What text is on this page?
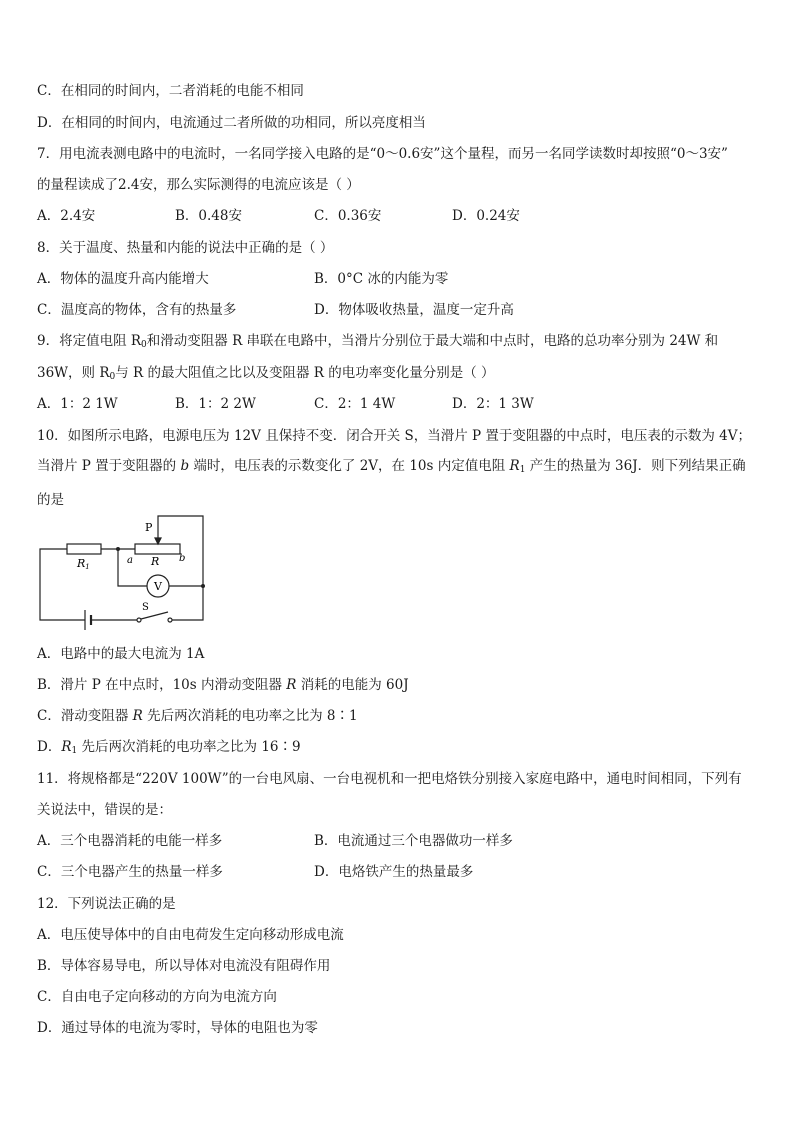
C．在相同的时间内，二者消耗的电能不相同
D．在相同的时间内，电流通过二者所做的功相同，所以亮度相当
7．用电流表测电路中的电流时，一名同学接入电路的是“0～0.6安”这个量程，而另一名同学读数时却按照“0～3安”
的量程读成了2.4安，那么实际测得的电流应该是（ ）
A．2.4安	B．0.48安	C．0.36安	D．0.24安
8．关于温度、热量和内能的说法中正确的是（ ）
A．物体的温度升高内能增大	B．0°C 冰的内能为零
C．温度高的物体，含有的热量多	D．物体吸收热量，温度一定升高
9．将定值电阻 $R_0$和滑动变阻器 R 串联在电路中，当滑片分别位于最大端和中点时，电路的总功率分别为 24W 和
36W，则 $R_0$与 R 的最大阻值之比以及变阻器 R 的电功率变化量分别是（ ）
A．1：2 1W	B．1：2 2W	C．2：1 4W	D．2：1 3W
10．如图所示电路，电源电压为 12V 且保持不变．闭合开关 S，当滑片 P 置于变阻器的中点时，电压表的示数为 4V；当滑片 P 置于变阻器的 b 端时，电压表的示数变化了 2V，在 10s 内定值电阻 $R_1$ 产生的热量为 36J．则下列结果正确的是
P
R1
a R b
V
S
A．电路中的最大电流为 1A
B．滑片 P 在中点时，10s 内滑动变阻器 R 消耗的电能为 60J
C．滑动变阻器 R 先后两次消耗的电功率之比为 8∶1
D．$R_1$ 先后两次消耗的电功率之比为 16∶9
11．将规格都是“220V 100W”的一台电风扇、一台电视机和一把电烙铁分别接入家庭电路中，通电时间相同，下列有
关说法中，错误的是：
A．三个电器消耗的电能一样多	B．电流通过三个电器做功一样多
C．三个电器产生的热量一样多	D．电烙铁产生的热量最多
12．下列说法正确的是
A．电压使导体中的自由电荷发生定向移动形成电流
B．导体容易导电，所以导体对电流没有阻碍作用
C．自由电子定向移动的方向为电流方向
D．通过导体的电流为零时，导体的电阻也为零
